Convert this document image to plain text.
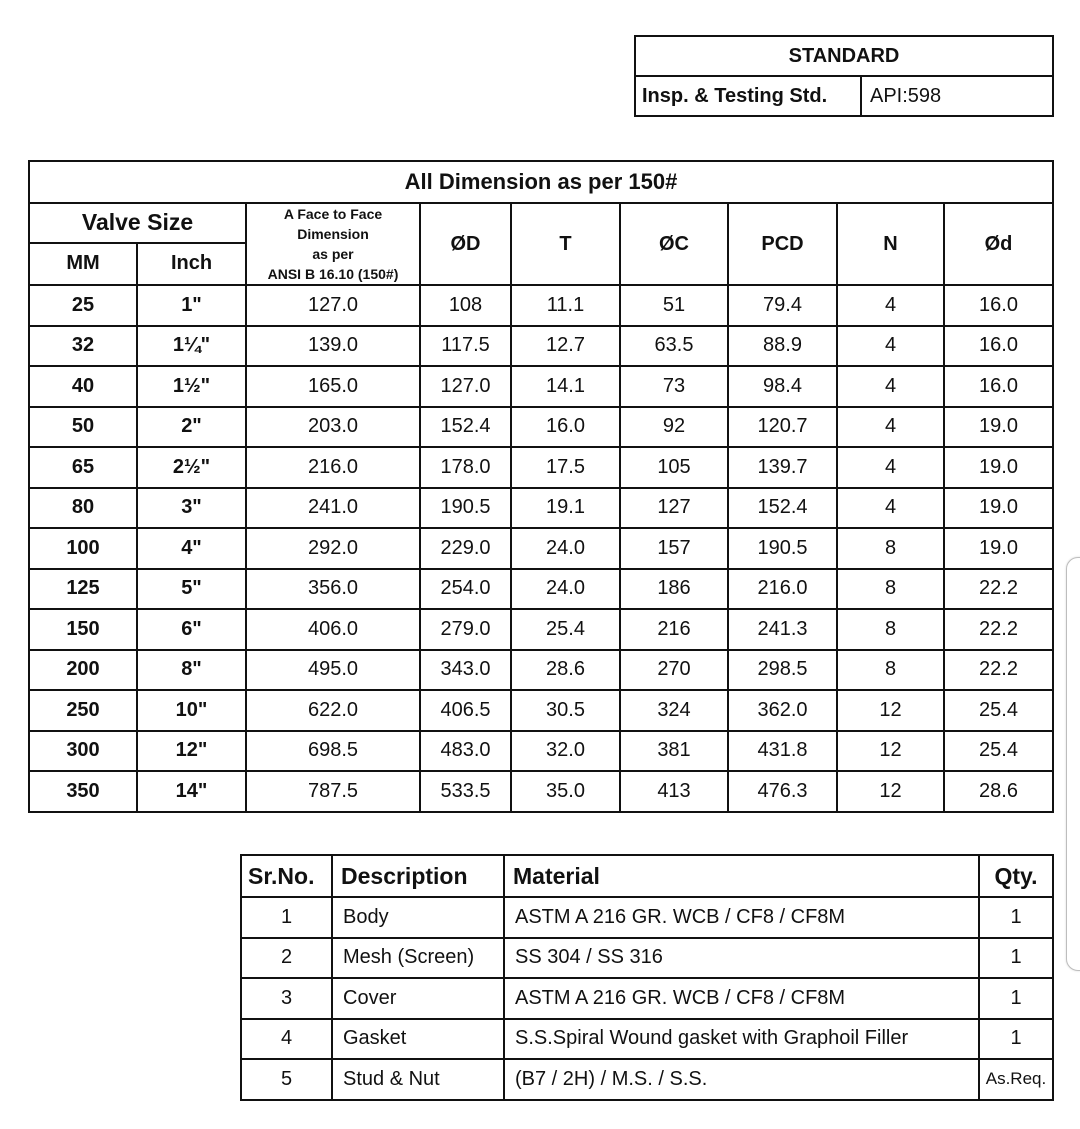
STANDARD
Insp. & Testing Std.	API:598
All Dimension as per 150#								
Valve Size		A Face to Face
Dimension
as per
ANSI B 16.10 (150#)	ØD	T	ØC	PCD	N	Ød
MM	Inch							
25	1"	127.0	108	11.1	51	79.4	4	16.0
32	1¼"	139.0	117.5	12.7	63.5	88.9	4	16.0
40	1½"	165.0	127.0	14.1	73	98.4	4	16.0
50	2"	203.0	152.4	16.0	92	120.7	4	19.0
65	2½"	216.0	178.0	17.5	105	139.7	4	19.0
80	3"	241.0	190.5	19.1	127	152.4	4	19.0
100	4"	292.0	229.0	24.0	157	190.5	8	19.0
125	5"	356.0	254.0	24.0	186	216.0	8	22.2
150	6"	406.0	279.0	25.4	216	241.3	8	22.2
200	8"	495.0	343.0	28.6	270	298.5	8	22.2
250	10"	622.0	406.5	30.5	324	362.0	12	25.4
300	12"	698.5	483.0	32.0	381	431.8	12	25.4
350	14"	787.5	533.5	35.0	413	476.3	12	28.6
Sr.No.	Description	Material	Qty.
1	Body	ASTM A 216 GR. WCB / CF8 / CF8M	1
2	Mesh (Screen)	SS 304 / SS 316	1
3	Cover	ASTM A 216 GR. WCB / CF8 / CF8M	1
4	Gasket	S.S.Spiral Wound gasket with Graphoil Filler	1
5	Stud & Nut	(B7 / 2H) / M.S. / S.S.	As.Req.
